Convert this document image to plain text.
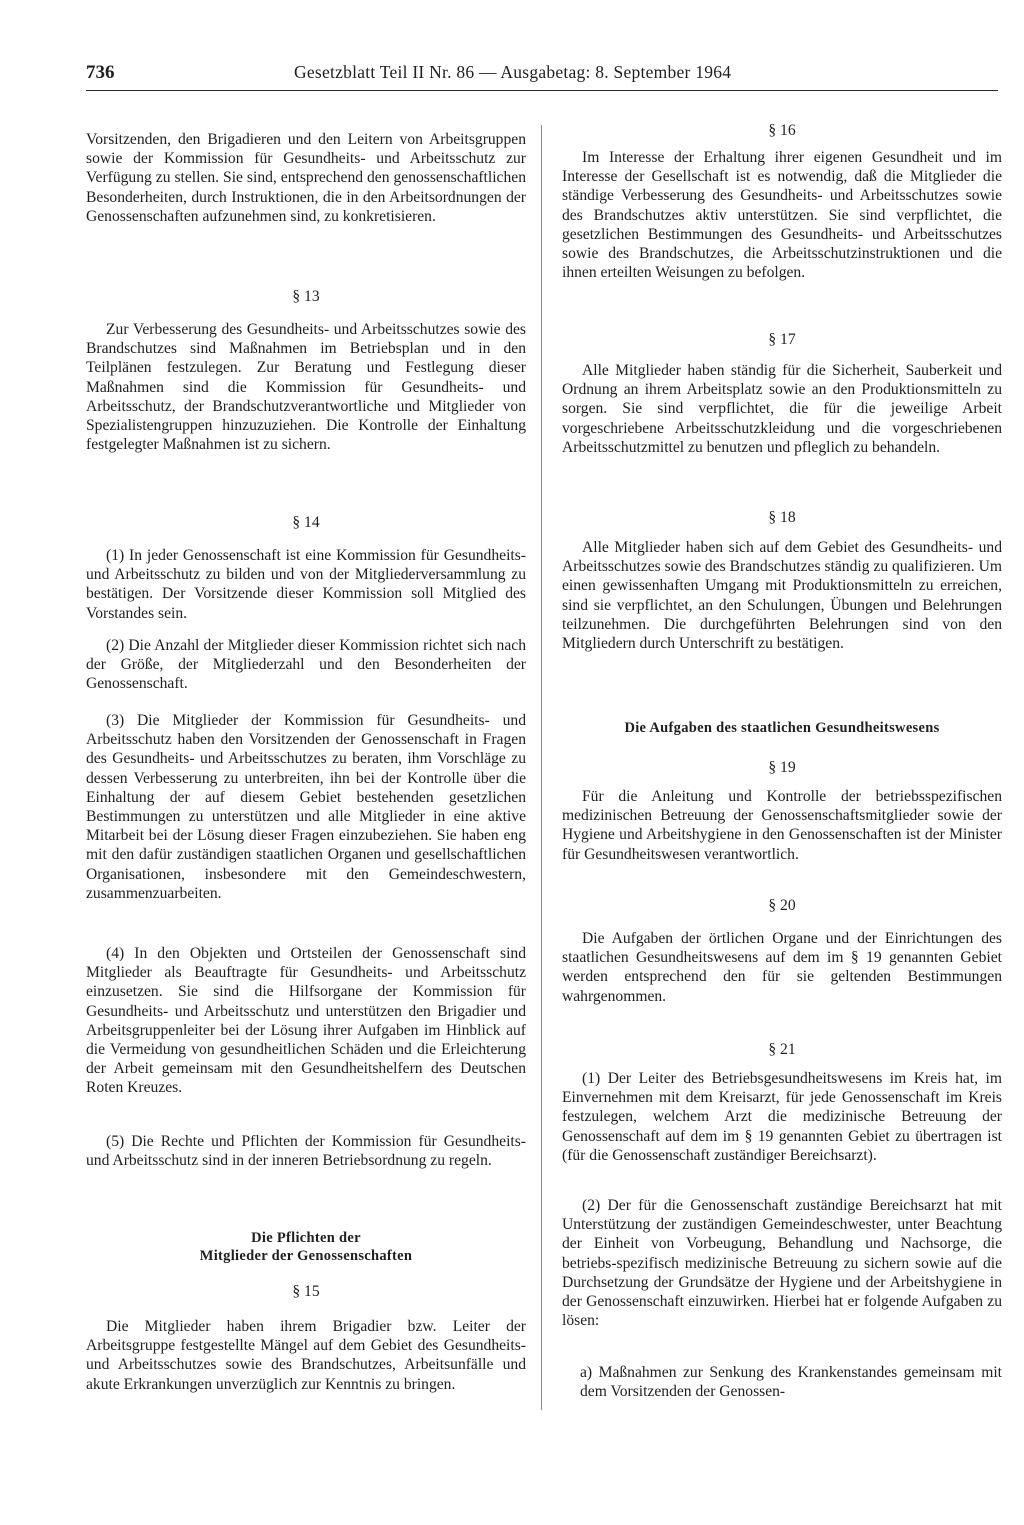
736	Gesetzblatt Teil II Nr. 86 — Ausgabetag: 8. September 1964

Vorsitzenden, den Brigadieren und den Leitern von Arbeitsgruppen sowie der Kommission für Gesundheits- und Arbeitsschutz zur Verfügung zu stellen. Sie sind, entsprechend den genossenschaftlichen Besonderheiten, durch Instruktionen, die in den Arbeitsordnungen der Genossenschaften aufzunehmen sind, zu konkretisieren.

§ 13

Zur Verbesserung des Gesundheits- und Arbeitsschutzes sowie des Brandschutzes sind Maßnahmen im Betriebsplan und in den Teilplänen festzulegen. Zur Beratung und Festlegung dieser Maßnahmen sind die Kommission für Gesundheits- und Arbeitsschutz, der Brandschutzverantwortliche und Mitglieder von Spezialistengruppen hinzuzuziehen. Die Kontrolle der Einhaltung festgelegter Maßnahmen ist zu sichern.

§ 14

(1) In jeder Genossenschaft ist eine Kommission für Gesundheits- und Arbeitsschutz zu bilden und von der Mitgliederversammlung zu bestätigen. Der Vorsitzende dieser Kommission soll Mitglied des Vorstandes sein.

(2) Die Anzahl der Mitglieder dieser Kommission richtet sich nach der Größe, der Mitgliederzahl und den Besonderheiten der Genossenschaft.

(3) Die Mitglieder der Kommission für Gesundheits- und Arbeitsschutz haben den Vorsitzenden der Genossenschaft in Fragen des Gesundheits- und Arbeitsschutzes zu beraten, ihm Vorschläge zu dessen Verbesserung zu unterbreiten, ihn bei der Kontrolle über die Einhaltung der auf diesem Gebiet bestehenden gesetzlichen Bestimmungen zu unterstützen und alle Mitglieder in eine aktive Mitarbeit bei der Lösung dieser Fragen einzubeziehen. Sie haben eng mit den dafür zuständigen staatlichen Organen und gesellschaftlichen Organisationen, insbesondere mit den Gemeindeschwestern, zusammenzuarbeiten.

(4) In den Objekten und Ortsteilen der Genossenschaft sind Mitglieder als Beauftragte für Gesundheits- und Arbeitsschutz einzusetzen. Sie sind die Hilfsorgane der Kommission für Gesundheits- und Arbeitsschutz und unterstützen den Brigadier und Arbeitsgruppenleiter bei der Lösung ihrer Aufgaben im Hinblick auf die Vermeidung von gesundheitlichen Schäden und die Erleichterung der Arbeit gemeinsam mit den Gesundheitshelfern des Deutschen Roten Kreuzes.

(5) Die Rechte und Pflichten der Kommission für Gesundheits- und Arbeitsschutz sind in der inneren Betriebsordnung zu regeln.

Die Pflichten der
Mitglieder der Genossenschaften
§ 15

Die Mitglieder haben ihrem Brigadier bzw. Leiter der Arbeitsgruppe festgestellte Mängel auf dem Gebiet des Gesundheits- und Arbeitsschutzes sowie des Brandschutzes, Arbeitsunfälle und akute Erkrankungen unverzüglich zur Kenntnis zu bringen.

§ 16

Im Interesse der Erhaltung ihrer eigenen Gesundheit und im Interesse der Gesellschaft ist es notwendig, daß die Mitglieder die ständige Verbesserung des Gesundheits- und Arbeitsschutzes sowie des Brandschutzes aktiv unterstützen. Sie sind verpflichtet, die gesetzlichen Bestimmungen des Gesundheits- und Arbeitsschutzes sowie des Brandschutzes, die Arbeitsschutzinstruktionen und die ihnen erteilten Weisungen zu befolgen.

§ 17

Alle Mitglieder haben ständig für die Sicherheit, Sauberkeit und Ordnung an ihrem Arbeitsplatz sowie an den Produktionsmitteln zu sorgen. Sie sind verpflichtet, die für die jeweilige Arbeit vorgeschriebene Arbeitsschutzkleidung und die vorgeschriebenen Arbeitsschutzmittel zu benutzen und pfleglich zu behandeln.

§ 18

Alle Mitglieder haben sich auf dem Gebiet des Gesundheits- und Arbeitsschutzes sowie des Brandschutzes ständig zu qualifizieren. Um einen gewissenhaften Umgang mit Produktionsmitteln zu erreichen, sind sie verpflichtet, an den Schulungen, Übungen und Belehrungen teilzunehmen. Die durchgeführten Belehrungen sind von den Mitgliedern durch Unterschrift zu bestätigen.

Die Aufgaben des staatlichen Gesundheitswesens
§ 19

Für die Anleitung und Kontrolle der betriebsspezifischen medizinischen Betreuung der Genossenschaftsmitglieder sowie der Hygiene und Arbeitshygiene in den Genossenschaften ist der Minister für Gesundheitswesen verantwortlich.

§ 20

Die Aufgaben der örtlichen Organe und der Einrichtungen des staatlichen Gesundheitswesens auf dem im § 19 genannten Gebiet werden entsprechend den für sie geltenden Bestimmungen wahrgenommen.

§ 21

(1) Der Leiter des Betriebsgesundheitswesens im Kreis hat, im Einvernehmen mit dem Kreisarzt, für jede Genossenschaft im Kreis festzulegen, welchem Arzt die medizinische Betreuung der Genossenschaft auf dem im § 19 genannten Gebiet zu übertragen ist (für die Genossenschaft zuständiger Bereichsarzt).

(2) Der für die Genossenschaft zuständige Bereichsarzt hat mit Unterstützung der zuständigen Gemeindeschwester, unter Beachtung der Einheit von Vorbeugung, Behandlung und Nachsorge, die betriebs-spezifisch medizinische Betreuung zu sichern sowie auf die Durchsetzung der Grundsätze der Hygiene und der Arbeitshygiene in der Genossenschaft einzuwirken. Hierbei hat er folgende Aufgaben zu lösen:

a) Maßnahmen zur Senkung des Krankenstandes gemeinsam mit dem Vorsitzenden der Genossen-
